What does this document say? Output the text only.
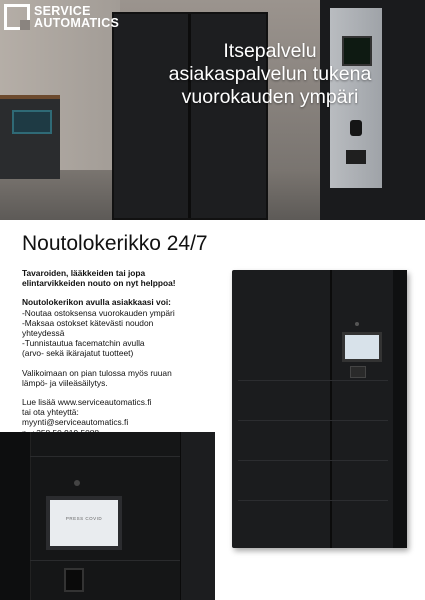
SERVICE
AUTOMATICS
Itsepalvelu
asiakaspalvelun tukena
vuorokauden ympäri
Noutolokerikko 24/7

Tavaroiden, lääkkeiden tai jopa
elintarvikkeiden nouto on nyt helppoa!

Noutolokerikon avulla asiakkaasi voi:
-Noutaa ostoksensa vuorokauden ympäri
-Maksaa ostokset kätevästi noudon
yhteydessä
-Tunnistautua facematchin avulla
(arvo- sekä ikärajatut tuotteet)

Valikoimaan on pian tulossa myös ruuan
lämpö- ja viileäsäilytys.

Lue lisää www.serviceautomatics.fi
tai ota yhteyttä:
myynti@serviceautomatics.fi

PRESS COVID
